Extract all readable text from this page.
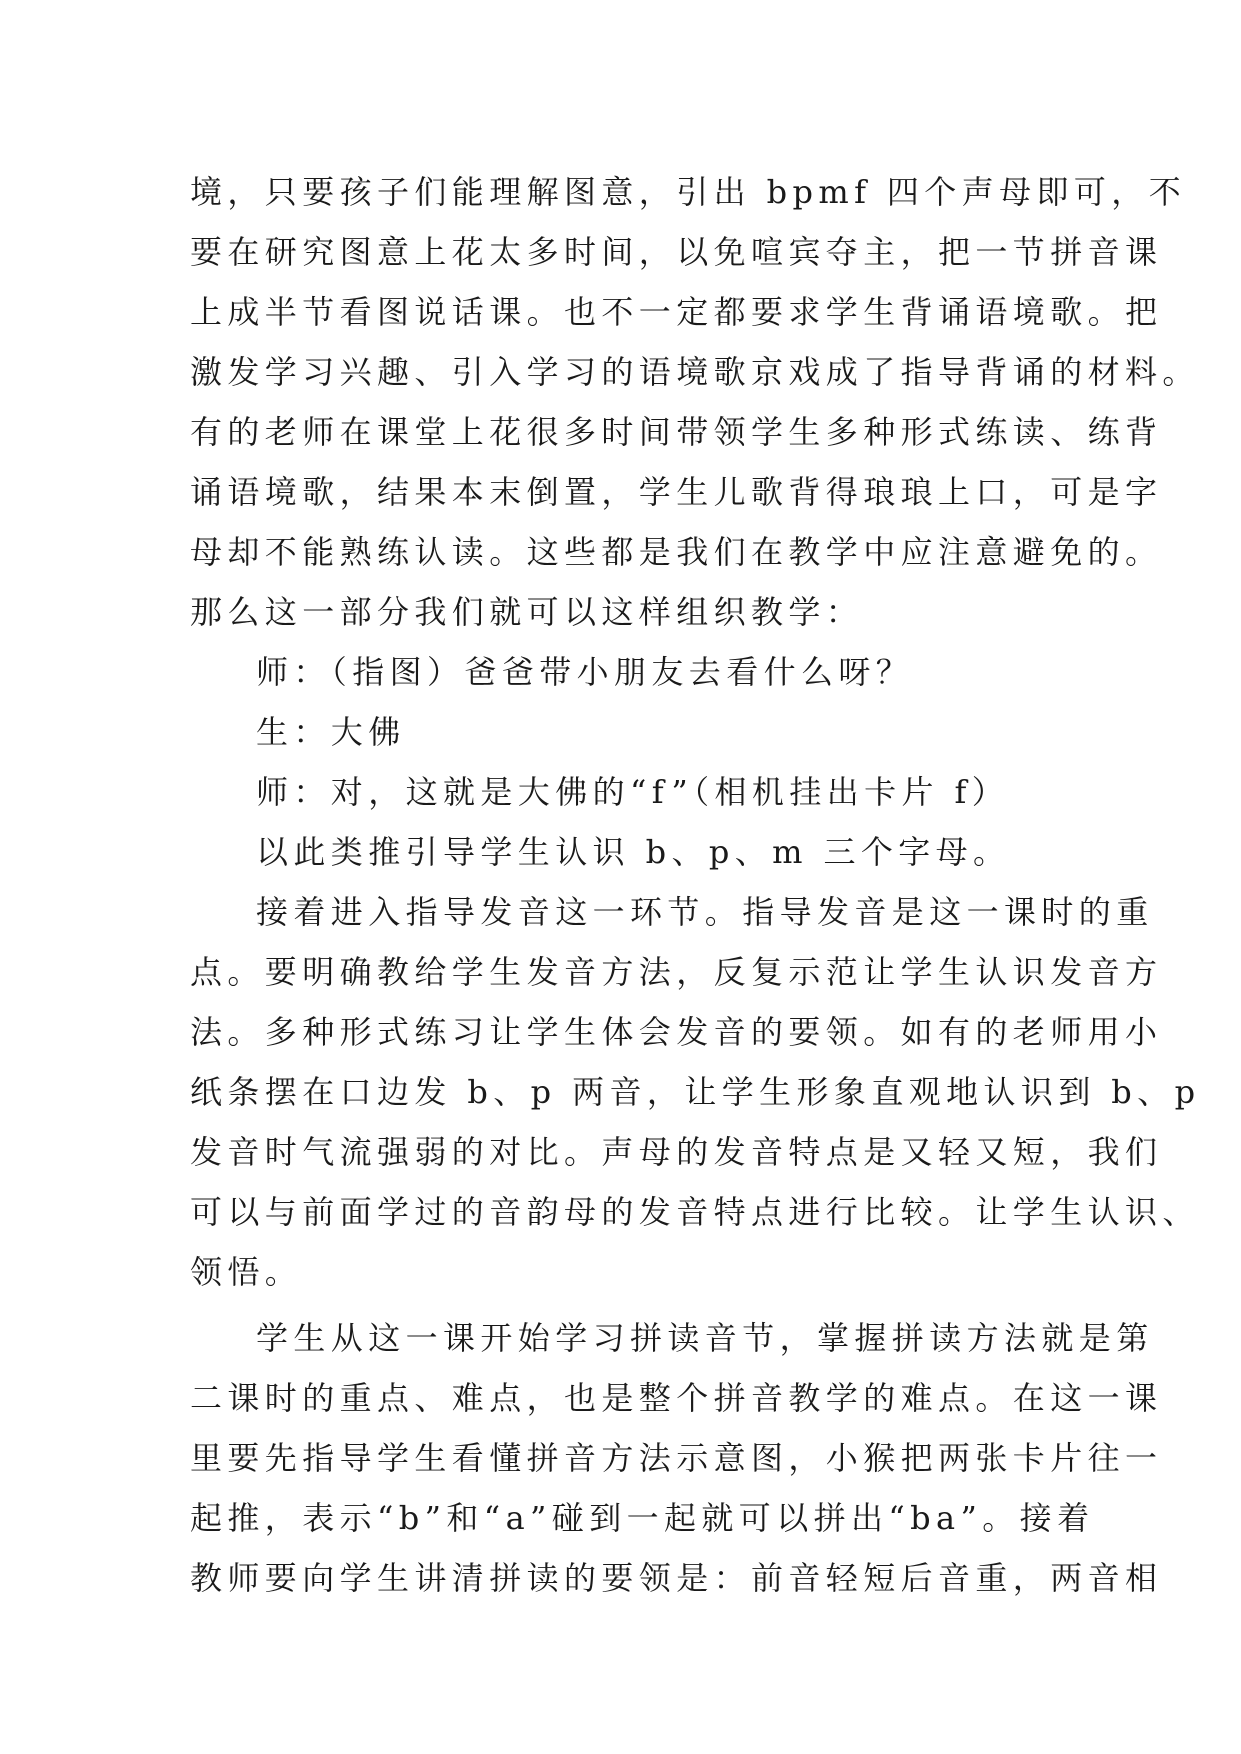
境，只要孩子们能理解图意，引出 bpmf 四个声母即可，不
要在研究图意上花太多时间，以免喧宾夺主，把一节拼音课
上成半节看图说话课。也不一定都要求学生背诵语境歌。把
激发学习兴趣、引入学习的语境歌京戏成了指导背诵的材料。
有的老师在课堂上花很多时间带领学生多种形式练读、练背
诵语境歌，结果本末倒置，学生儿歌背得琅琅上口，可是字
母却不能熟练认读。这些都是我们在教学中应注意避免的。
那么这一部分我们就可以这样组织教学：
师：（指图）爸爸带小朋友去看什么呀？
生：大佛
师：对，这就是大佛的“f”（相机挂出卡片 f）
以此类推引导学生认识 b、p、m 三个字母。
接着进入指导发音这一环节。指导发音是这一课时的重
点。要明确教给学生发音方法，反复示范让学生认识发音方
法。多种形式练习让学生体会发音的要领。如有的老师用小
纸条摆在口边发 b、p 两音，让学生形象直观地认识到 b、p
发音时气流强弱的对比。声母的发音特点是又轻又短，我们
可以与前面学过的音韵母的发音特点进行比较。让学生认识、
领悟。
学生从这一课开始学习拼读音节，掌握拼读方法就是第
二课时的重点、难点，也是整个拼音教学的难点。在这一课
里要先指导学生看懂拼音方法示意图，小猴把两张卡片往一
起推，表示“b”和“a”碰到一起就可以拼出“ba”。接着
教师要向学生讲清拼读的要领是：前音轻短后音重，两音相
